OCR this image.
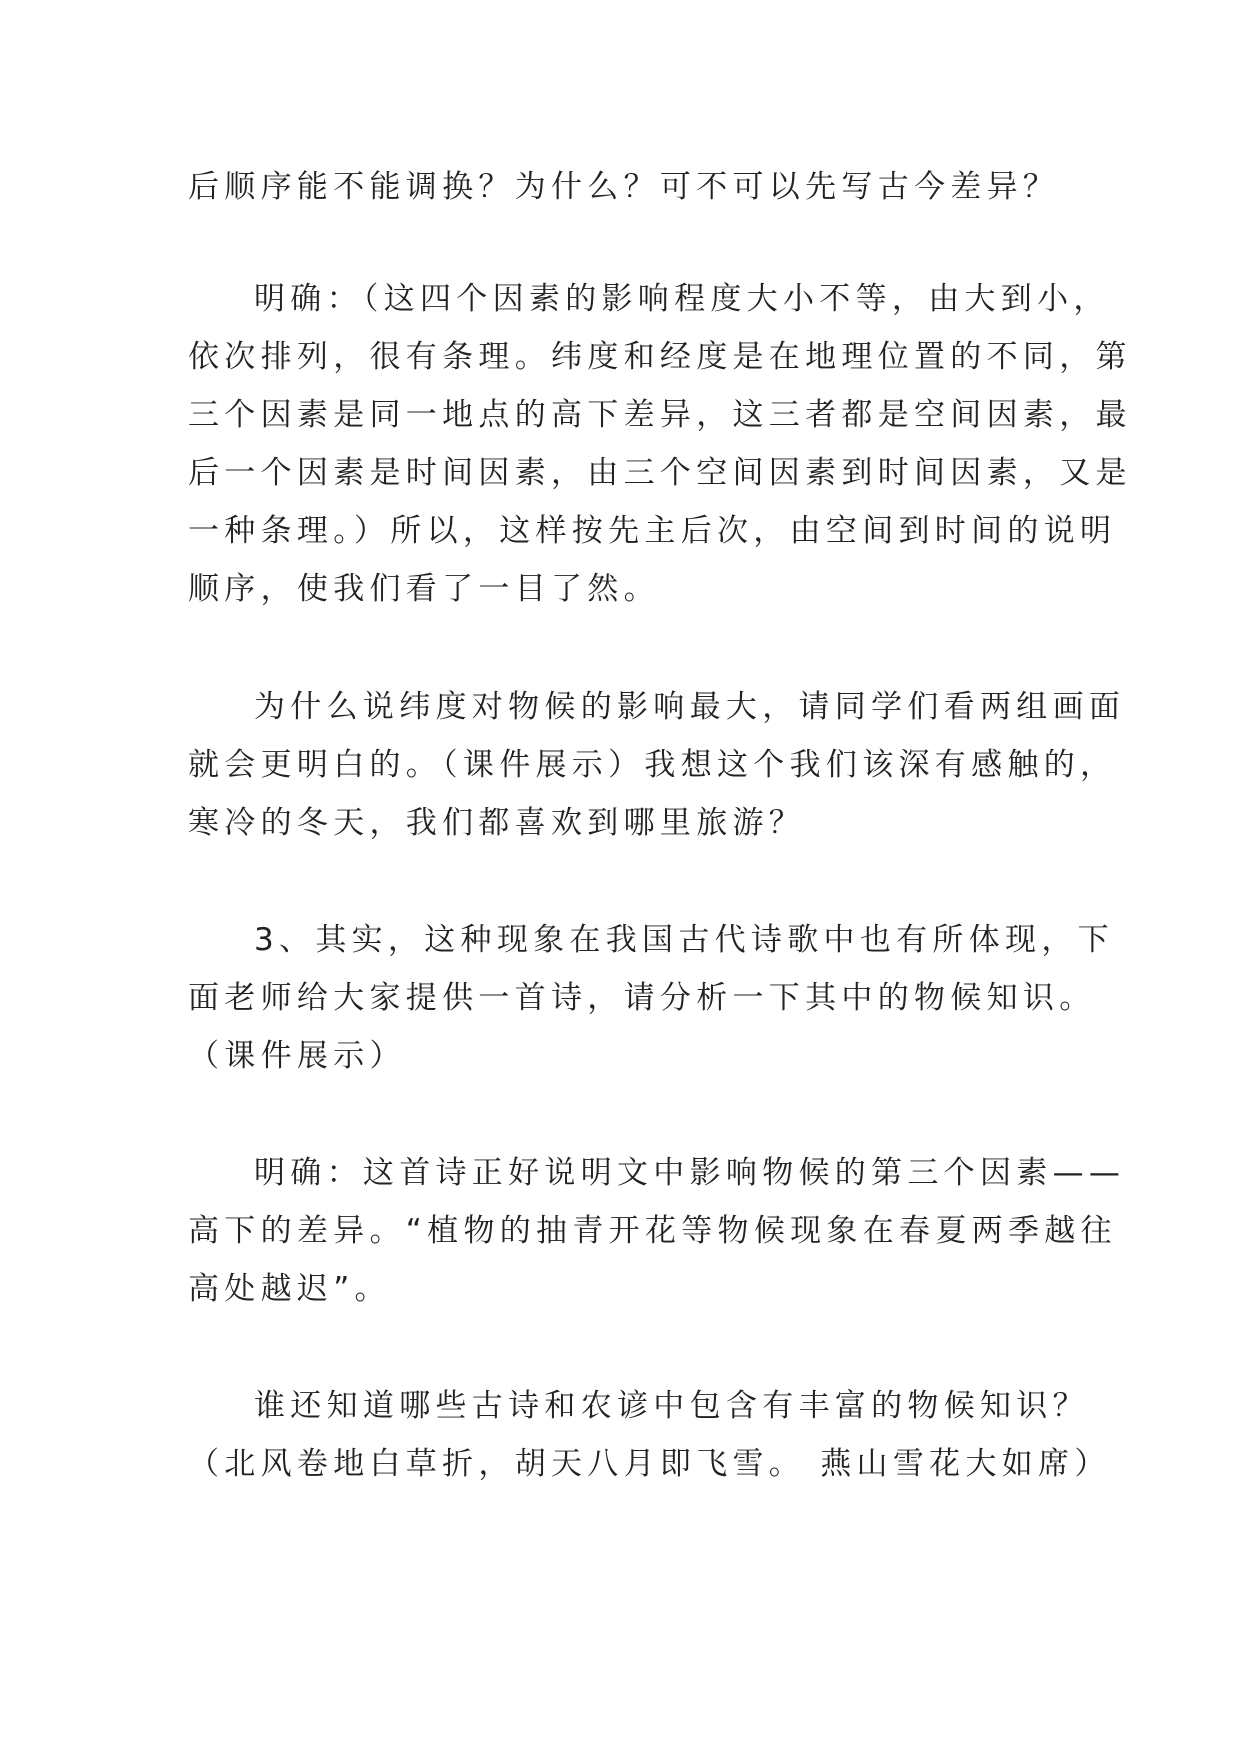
后顺序能不能调换？为什么？可不可以先写古今差异？
明确：（这四个因素的影响程度大小不等，由大到小，
依次排列，很有条理。纬度和经度是在地理位置的不同，第
三个因素是同一地点的高下差异，这三者都是空间因素，最
后一个因素是时间因素，由三个空间因素到时间因素，又是
一种条理。）所以，这样按先主后次，由空间到时间的说明
顺序，使我们看了一目了然。
为什么说纬度对物候的影响最大，请同学们看两组画面
就会更明白的。（课件展示）我想这个我们该深有感触的，
寒冷的冬天，我们都喜欢到哪里旅游？
3、其实，这种现象在我国古代诗歌中也有所体现，下
面老师给大家提供一首诗，请分析一下其中的物候知识。
（课件展示）
明确：这首诗正好说明文中影响物候的第三个因素——
高下的差异。“植物的抽青开花等物候现象在春夏两季越往
高处越迟”。
谁还知道哪些古诗和农谚中包含有丰富的物候知识？
（北风卷地白草折，胡天八月即飞雪。 燕山雪花大如席）
